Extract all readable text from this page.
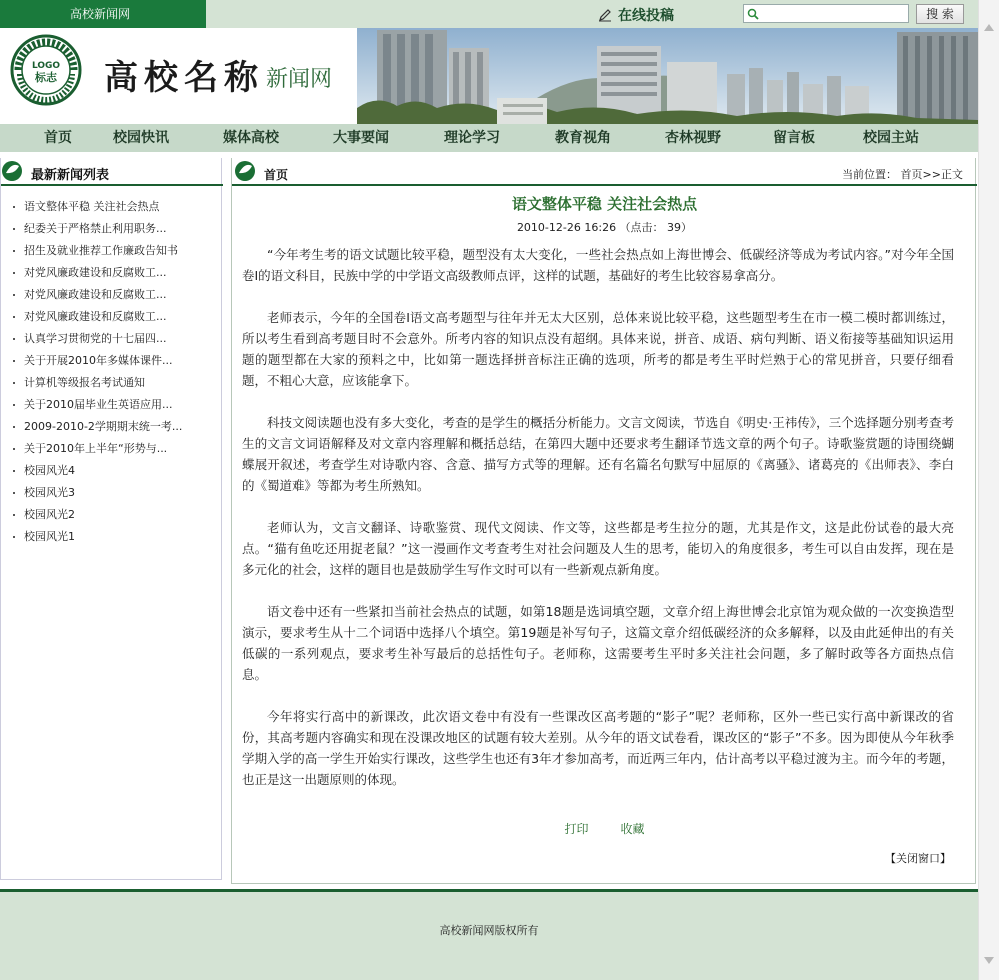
高校新闻网	在线投稿	搜 索
LOGO
标志 高校名称 新闻网
首页	校园快讯	媒体高校	大事要闻	理论学习	教育视角	杏林视野	留言板	校园主站
最新新闻列表
语文整体平稳 关注社会热点
纪委关于严格禁止利用职务...
招生及就业推荐工作廉政告知书
对党风廉政建设和反腐败工...
对党风廉政建设和反腐败工...
对党风廉政建设和反腐败工...
认真学习贯彻党的十七届四...
关于开展2010年多媒体课件...
计算机等级报名考试通知
关于2010届毕业生英语应用...
2009-2010-2学期期末统一考...
关于2010年上半年“形势与...
校园风光4
校园风光3
校园风光2
校园风光1
首页	当前位置： 首页>>正文
语文整体平稳 关注社会热点
2010-12-26 16:26 （点击： 39）

“今年考生考的语文试题比较平稳，题型没有太大变化，一些社会热点如上海世博会、低碳经济等成为考试内容。”对今年全国卷Ⅰ的语文科目，民族中学的中学语文高级教师点评，这样的试题，基础好的考生比较容易拿高分。

老师表示，今年的全国卷Ⅰ语文高考题型与往年并无太大区别，总体来说比较平稳，这些题型考生在市一模二模时都训练过，所以考生看到高考题目时不会意外。所考内容的知识点没有超纲。具体来说，拼音、成语、病句判断、语义衔接等基础知识运用题的题型都在大家的预料之中，比如第一题选择拼音标注正确的选项，所考的都是考生平时烂熟于心的常见拼音，只要仔细看题，不粗心大意，应该能拿下。

科技文阅读题也没有多大变化，考查的是学生的概括分析能力。文言文阅读，节选自《明史·王祎传》，三个选择题分别考查考生的文言文词语解释及对文章内容理解和概括总结，在第四大题中还要求考生翻译节选文章的两个句子。诗歌鉴赏题的诗围绕蝴蝶展开叙述，考查学生对诗歌内容、含意、描写方式等的理解。还有名篇名句默写中屈原的《离骚》、诸葛亮的《出师表》、李白的《蜀道难》等都为考生所熟知。

老师认为，文言文翻译、诗歌鉴赏、现代文阅读、作文等，这些都是考生拉分的题，尤其是作文，这是此份试卷的最大亮点。“猫有鱼吃还用捉老鼠？”这一漫画作文考查考生对社会问题及人生的思考，能切入的角度很多，考生可以自由发挥，现在是多元化的社会，这样的题目也是鼓励学生写作文时可以有一些新观点新角度。

语文卷中还有一些紧扣当前社会热点的试题，如第18题是选词填空题，文章介绍上海世博会北京馆为观众做的一次变换造型演示，要求考生从十二个词语中选择八个填空。第19题是补写句子，这篇文章介绍低碳经济的众多解释，以及由此延伸出的有关低碳的一系列观点，要求考生补写最后的总括性句子。老师称，这需要考生平时多关注社会问题，多了解时政等各方面热点信息。

今年将实行高中的新课改，此次语文卷中有没有一些课改区高考题的“影子”呢？老师称，区外一些已实行高中新课改的省份，其高考题内容确实和现在没课改地区的试题有较大差别。从今年的语文试卷看，课改区的“影子”不多。因为即使从今年秋季学期入学的高一学生开始实行课改，这些学生也还有3年才参加高考，而近两三年内，估计高考以平稳过渡为主。而今年的考题，也正是这一出题原则的体现。

打印	收藏
【关闭窗口】
高校新闻网版权所有
